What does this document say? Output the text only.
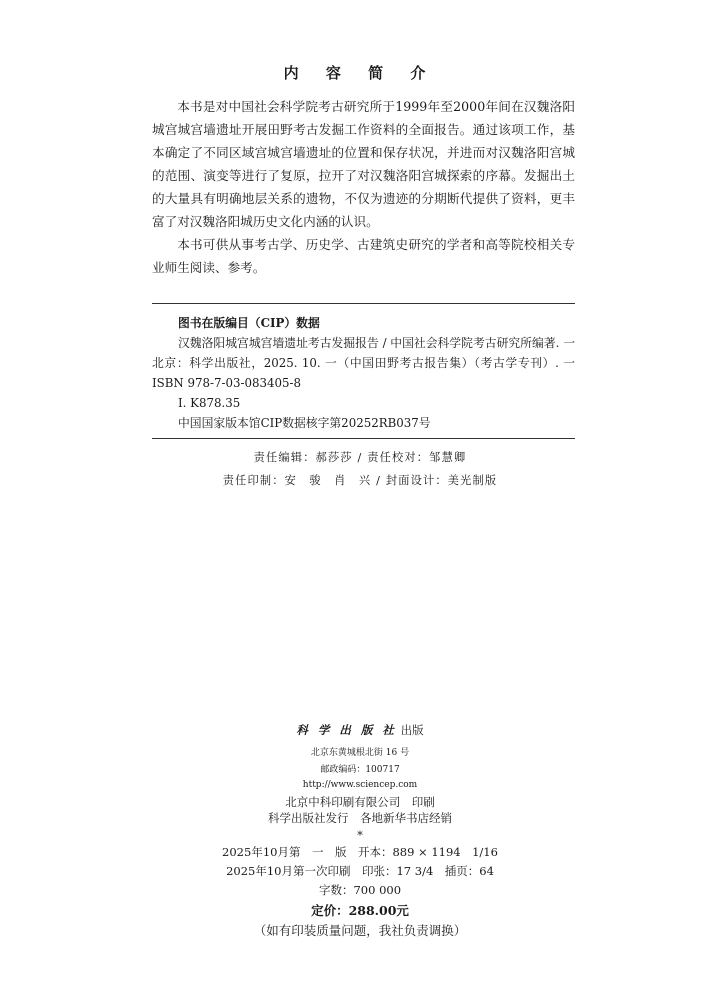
内 容 简 介

本书是对中国社会科学院考古研究所于1999年至2000年间在汉魏洛阳城宫城宫墙遗址开展田野考古发掘工作资料的全面报告。通过该项工作，基本确定了不同区域宫城宫墙遗址的位置和保存状况，并进而对汉魏洛阳宫城的范围、演变等进行了复原，拉开了对汉魏洛阳宫城探索的序幕。发掘出土的大量具有明确地层关系的遗物，不仅为遗迹的分期断代提供了资料，更丰富了对汉魏洛阳城历史文化内涵的认识。

本书可供从事考古学、历史学、古建筑史研究的学者和高等院校相关专业师生阅读、参考。

图书在版编目（CIP）数据
汉魏洛阳城宫城宫墙遗址考古发掘报告 / 中国社会科学院考古研究所编著. 一 北京：科学出版社，2025. 10. 一（中国田野考古报告集）（考古学专刊）. 一 ISBN 978-7-03-083405-8
Ⅰ. K878.35
中国国家版本馆CIP数据核字第20252RB037号
责任编辑：郝莎莎 / 责任校对：邹慧卿
责任印制：安　骏　肖　兴 / 封面设计：美光制版
科 学 出 版 社 出版
北京东黄城根北街 16 号
邮政编码：100717
http://www.sciencep.com
北京中科印刷有限公司　印刷
科学出版社发行　各地新华书店经销
*
2025年10月第　一　版　开本：889 × 1194　1/16
2025年10月第一次印刷　印张：17 3/4　插页：64
字数：700 000
定价：288.00元
（如有印装质量问题，我社负责调换）
